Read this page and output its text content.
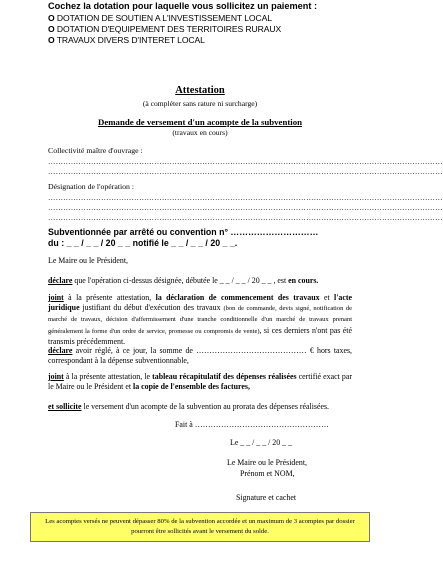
Cochez la dotation pour laquelle vous sollicitez un paiement :
O DOTATION DE SOUTIEN A L'INVESTISSEMENT LOCAL
O DOTATION D'EQUIPEMENT DES TERRITOIRES RURAUX
O TRAVAUX DIVERS D'INTERET LOCAL
Attestation
(à compléter sans rature ni surcharge)
Demande de versement d'un acompte de la subvention
(travaux en cours)
Collectivité maître d'ouvrage :
…………………………………………………………………………………………………………………………………………
…………………………………………………………………………………………………………………………………………
Désignation de l'opération :
…………………………………………………………………………………………………………………………………………
…………………………………………………………………………………………………………………………………………
…………………………………………………………………………………………………………………………………………
Subventionnée par arrêté ou convention n° …………………………
du : _ _ / _ _ / 20 _ _ notifié le _ _ / _ _ / 20 _ _.
Le Maire ou le Président,
déclare que l'opération ci-dessus désignée, débutée le _ _ / _ _ / 20 _ _ , est en cours.
joint à la présente attestation, la déclaration de commencement des travaux et l'acte juridique justifiant du début d'exécution des travaux (bon de commande, devis signé, notification de marché de travaux, décision d'affermissement d'une tranche conditionnelle d'un marché de travaux prenant généralement la forme d'un ordre de service, promesse ou compromis de vente), si ces derniers n'ont pas été transmis précédemment.
déclare avoir réglé, à ce jour, la somme de …………………………………… € hors taxes, correspondant à la dépense subventionnable,
joint à la présente attestation, le tableau récapitulatif des dépenses réalisées certifié exact par le Maire ou le Président et la copie de l'ensemble des factures,
et sollicite le versement d'un acompte de la subvention au prorata des dépenses réalisées.
Fait à ……………………………………………
Le _ _ / _ _ / 20 _ _
Le Maire ou le Président,
Prénom et NOM,
Signature et cachet
Les acomptes versés ne peuvent dépasser 80% de la subvention accordée et un maximum de 3 acomptes par dossier pourront être sollicités avant le versement du solde.
